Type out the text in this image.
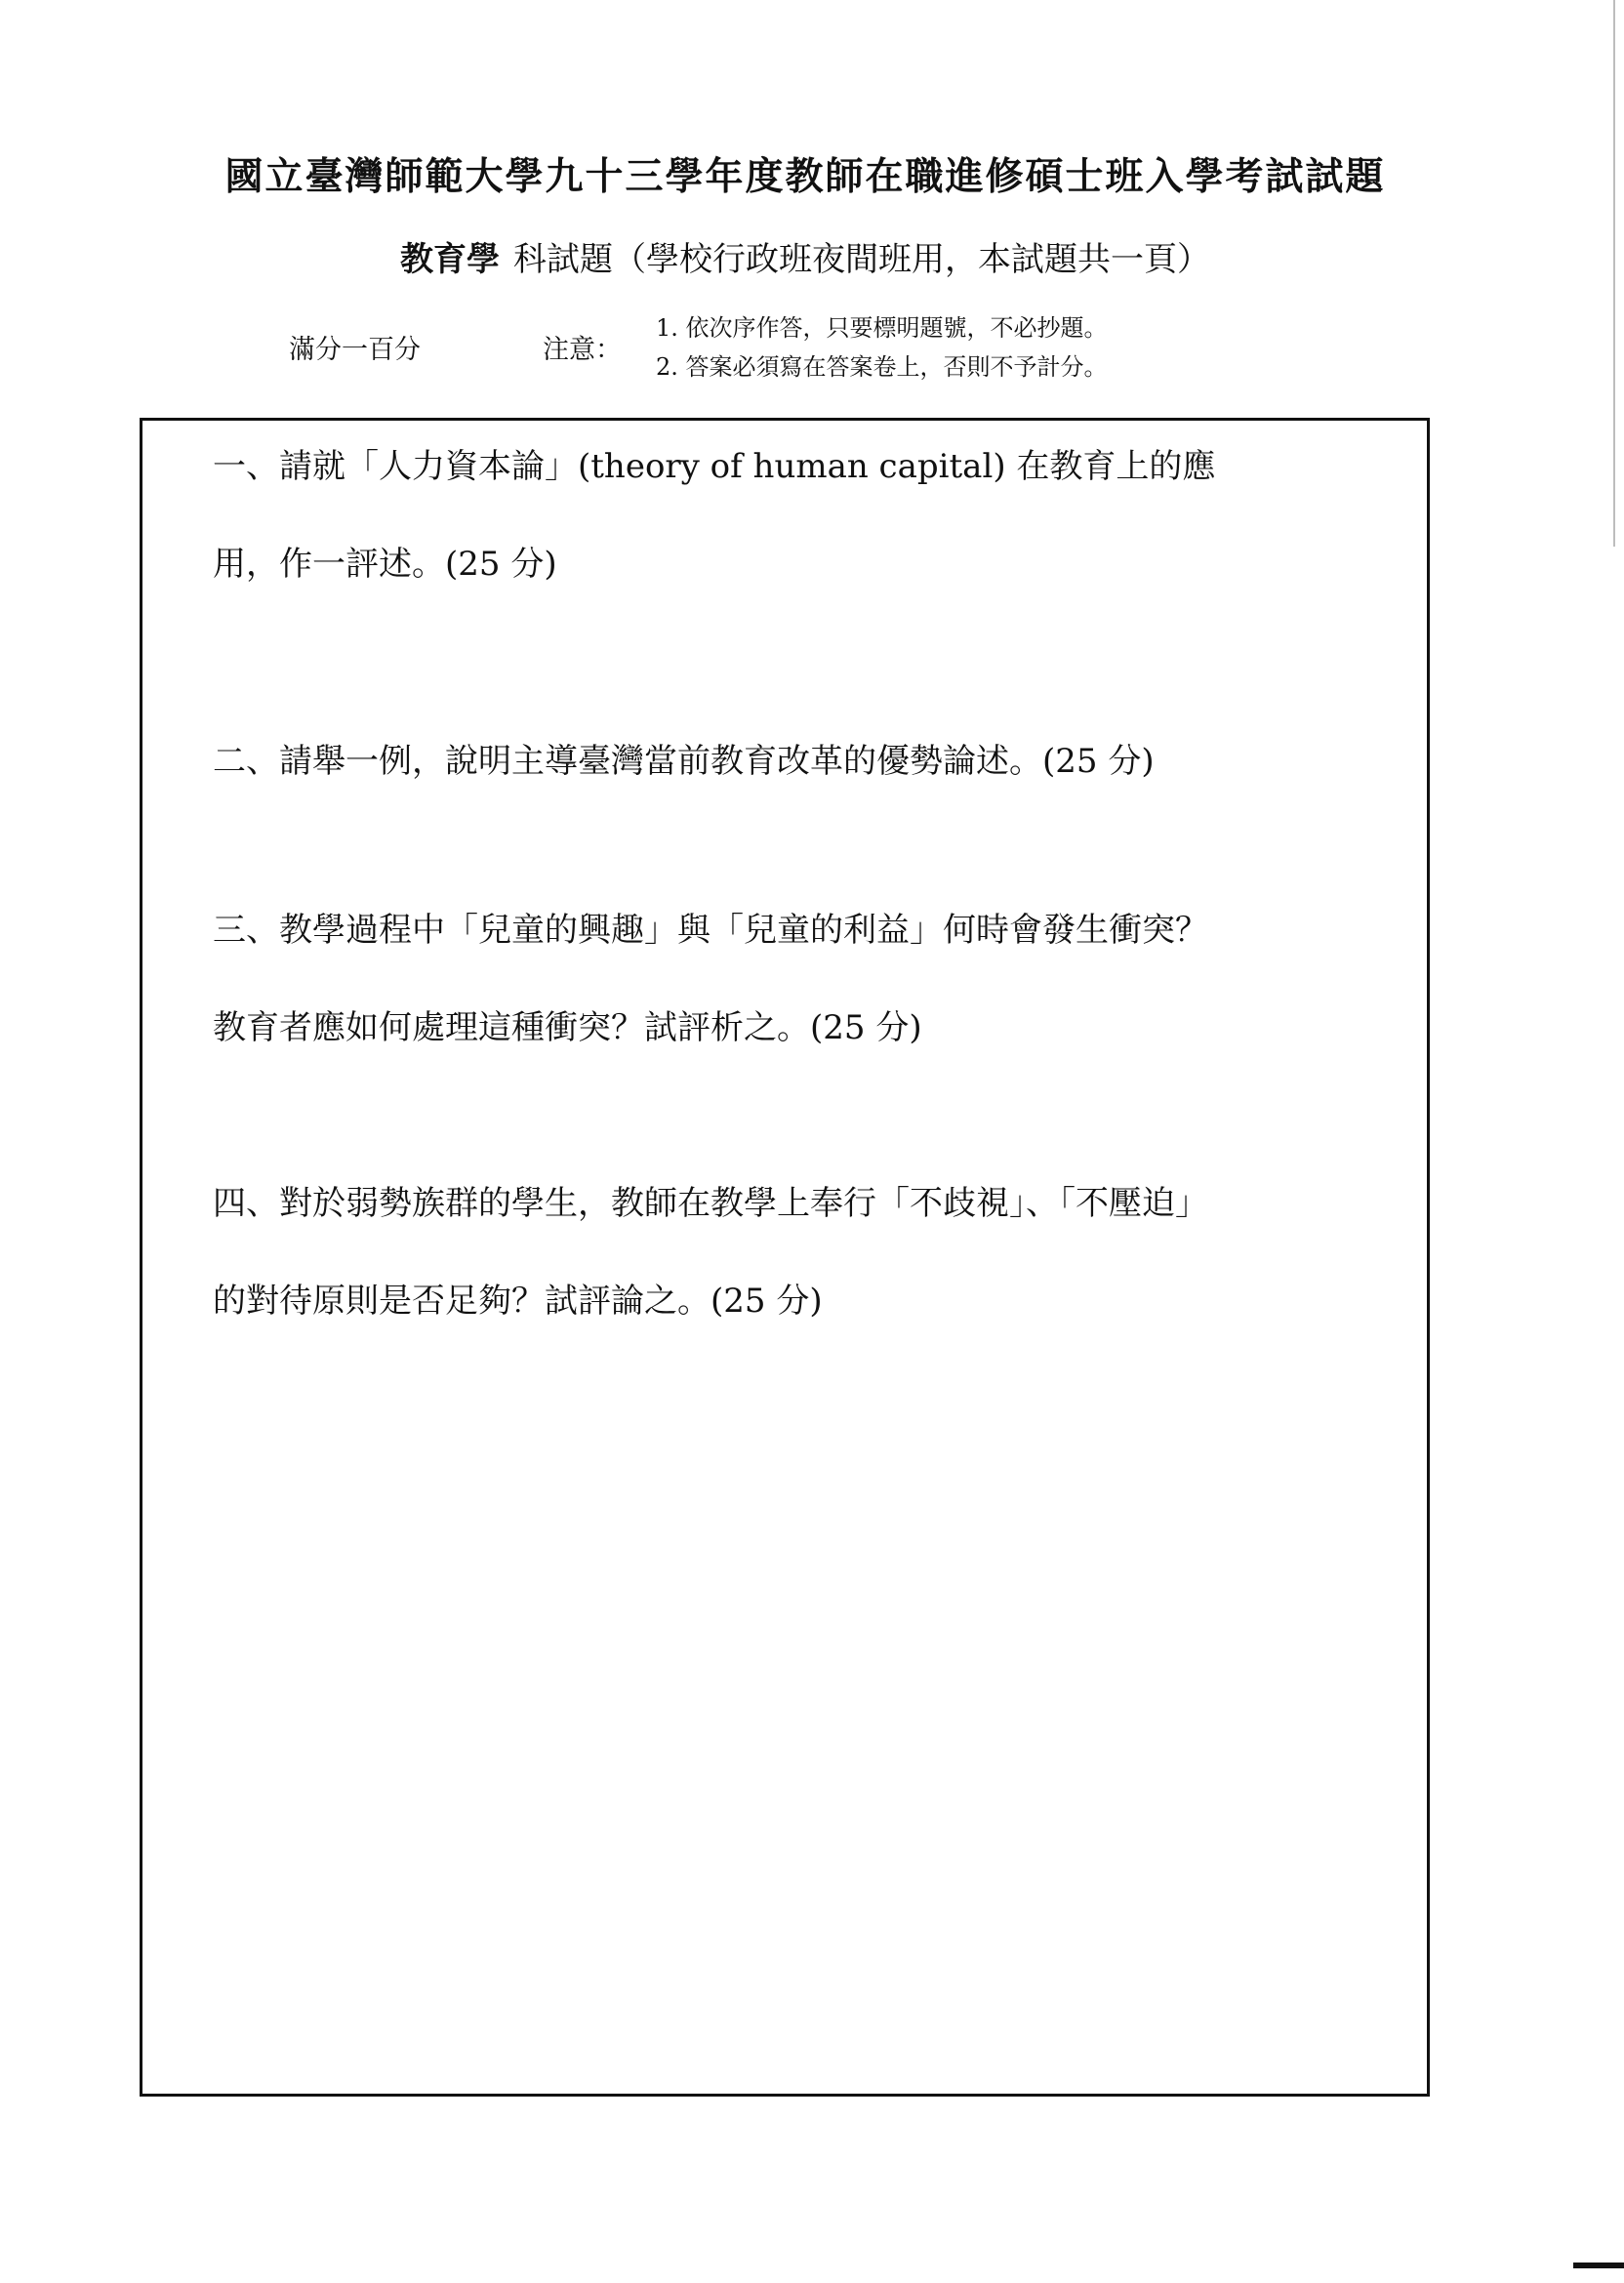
國立臺灣師範大學九十三學年度教師在職進修碩士班入學考試試題
教育學 科試題（學校行政班夜間班用，本試題共一頁）
滿分一百分	注意：
1. 依次序作答，只要標明題號，不必抄題。
2. 答案必須寫在答案卷上，否則不予計分。
一、請就「人力資本論」(theory of human capital) 在教育上的應
用，作一評述。(25 分)
二、請舉一例，說明主導臺灣當前教育改革的優勢論述。(25 分)
三、教學過程中「兒童的興趣」與「兒童的利益」何時會發生衝突？
教育者應如何處理這種衝突？試評析之。(25 分)
四、對於弱勢族群的學生，教師在教學上奉行「不歧視」、「不壓迫」
的對待原則是否足夠？試評論之。(25 分)
